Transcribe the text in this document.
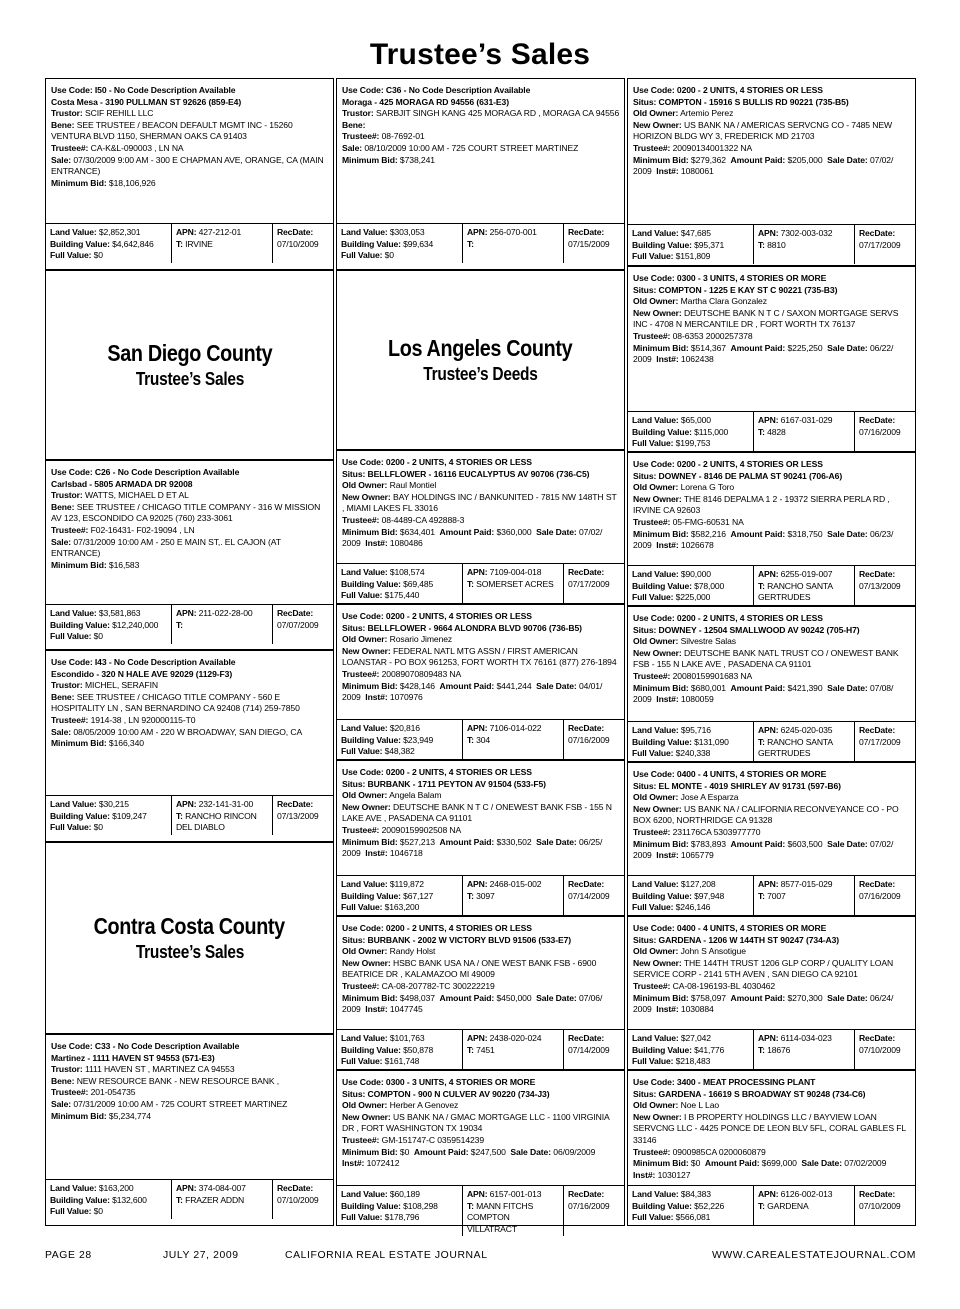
Trustee’s Sales
Use Code: I50 - No Code Description Available
Costa Mesa - 3190 PULLMAN ST 92626 (859-E4)
Trustor: SCIF REHILL LLC
Bene: SEE TRUSTEE / BEACON DEFAULT MGMT INC - 15260 VENTURA BLVD 1150, SHERMAN OAKS CA 91403
Trustee#: CA-K&L-090003 , LN NA
Sale: 07/30/2009 9:00 AM - 300 E CHAPMAN AVE, ORANGE, CA (MAIN ENTRANCE)
Minimum Bid: $18,106,926
Land Value: $2,852,301
Building Value: $4,642,846
Full Value: $0
APN: 427-212-01
T: IRVINE
RecDate:
07/10/2009
San Diego County
Trustee’s Sales
Use Code: C26 - No Code Description Available
Carlsbad - 5805 ARMADA DR 92008
Trustor: WATTS, MICHAEL D ET AL
Bene: SEE TRUSTEE / CHICAGO TITLE COMPANY - 316 W MISSION AV 123, ESCONDIDO CA 92025 (760) 233-3061
Trustee#: F02-16431- F02-19094 , LN
Sale: 07/31/2009 10:00 AM - 250 E MAIN ST,. EL CAJON (AT ENTRANCE)
Minimum Bid: $16,583
Land Value: $3,581,863
Building Value: $12,240,000
Full Value: $0
APN: 211-022-28-00
T:
RecDate:
07/07/2009
Use Code: I43 - No Code Description Available
Escondido - 320 N HALE AVE 92029 (1129-F3)
Trustor: MICHEL, SERAFIN
Bene: SEE TRUSTEE / CHICAGO TITLE COMPANY - 560 E HOSPITALITY LN , SAN BERNARDINO CA 92408 (714) 259-7850
Trustee#: 1914-38 , LN 920000115-T0
Sale: 08/05/2009 10:00 AM - 220 W BROADWAY, SAN DIEGO, CA
Minimum Bid: $166,340
Land Value: $30,215
Building Value: $109,247
Full Value: $0
APN: 232-141-31-00
T: RANCHO RINCON DEL DIABLO
RecDate:
07/13/2009
Contra Costa County
Trustee’s Sales
Use Code: C33 - No Code Description Available
Martinez - 1111 HAVEN ST 94553 (571-E3)
Trustor: 1111 HAVEN ST , MARTINEZ CA 94553
Bene: NEW RESOURCE BANK - NEW RESOURCE BANK ,
Trustee#: 201-054735
Sale: 07/31/2009 10:00 AM - 725 COURT STREET MARTINEZ
Minimum Bid: $5,234,774
Land Value: $163,200
Building Value: $132,600
Full Value: $0
APN: 374-084-007
T: FRAZER ADDN
RecDate:
07/10/2009
Use Code: C36 - No Code Description Available
Moraga - 425 MORAGA RD 94556 (631-E3)
Trustor: SARBJIT SINGH KANG 425 MORAGA RD , MORAGA CA 94556
Bene:
Trustee#: 08-7692-01
Sale: 08/10/2009 10:00 AM - 725 COURT STREET MARTINEZ
Minimum Bid: $738,241
Land Value: $303,053
Building Value: $99,634
Full Value: $0
APN: 256-070-001
T:
RecDate:
07/15/2009
Los Angeles County
Trustee’s Deeds
Use Code: 0200 - 2 UNITS, 4 STORIES OR LESS
Situs: BELLFLOWER - 16116 EUCALYPTUS AV 90706 (736-C5)
Old Owner: Raul Montiel
New Owner: BAY HOLDINGS INC / BANKUNITED - 7815 NW 148TH ST , MIAMI LAKES FL 33016
Trustee#: 08-4489-CA 492888-3
Minimum Bid: $634,401 Amount Paid: $360,000 Sale Date: 07/02/
2009 Inst#: 1080486
Land Value: $108,574
Building Value: $69,485
Full Value: $175,440
APN: 7109-004-018
T: SOMERSET ACRES
RecDate:
07/17/2009
Use Code: 0200 - 2 UNITS, 4 STORIES OR LESS
Situs: BELLFLOWER - 9664 ALONDRA BLVD 90706 (736-B5)
Old Owner: Rosario Jimenez
New Owner: FEDERAL NATL MTG ASSN / FIRST AMERICAN LOANSTAR - PO BOX 961253, FORT WORTH TX 76161 (877) 276-1894
Trustee#: 20089070809483 NA
Minimum Bid: $428,146 Amount Paid: $441,244 Sale Date: 04/01/
2009 Inst#: 1070976
Land Value: $20,816
Building Value: $23,949
Full Value: $48,382
APN: 7106-014-022
T: 304
RecDate:
07/16/2009
Use Code: 0200 - 2 UNITS, 4 STORIES OR LESS
Situs: BURBANK - 1711 PEYTON AV 91504 (533-F5)
Old Owner: Angela Balam
New Owner: DEUTSCHE BANK N T C / ONEWEST BANK FSB - 155 N LAKE AVE , PASADENA CA 91101
Trustee#: 20090159902508 NA
Minimum Bid: $527,213 Amount Paid: $330,502 Sale Date: 06/25/
2009 Inst#: 1046718
Land Value: $119,872
Building Value: $67,127
Full Value: $163,200
APN: 2468-015-002
T: 3097
RecDate:
07/14/2009
Use Code: 0200 - 2 UNITS, 4 STORIES OR LESS
Situs: BURBANK - 2002 W VICTORY BLVD 91506 (533-E7)
Old Owner: Randy Holst
New Owner: HSBC BANK USA NA / ONE WEST BANK FSB - 6900 BEATRICE DR , KALAMAZOO MI 49009
Trustee#: CA-08-207782-TC 300222219
Minimum Bid: $498,037 Amount Paid: $450,000 Sale Date: 07/06/
2009 Inst#: 1047745
Land Value: $101,763
Building Value: $50,878
Full Value: $161,748
APN: 2438-020-024
T: 7451
RecDate:
07/14/2009
Use Code: 0300 - 3 UNITS, 4 STORIES OR MORE
Situs: COMPTON - 900 N CULVER AV 90220 (734-J3)
Old Owner: Herber A Genovez
New Owner: US BANK NA / GMAC MORTGAGE LLC - 1100 VIRGINIA DR , FORT WASHINGTON TX 19034
Trustee#: GM-151747-C 0359514239
Minimum Bid: $0 Amount Paid: $247,500 Sale Date: 06/09/2009
Inst#: 1072412
Land Value: $60,189
Building Value: $108,298
Full Value: $178,796
APN: 6157-001-013
T: MANN FITCHS COMPTON VILLATRACT
RecDate:
07/16/2009
Use Code: 0200 - 2 UNITS, 4 STORIES OR LESS
Situs: COMPTON - 15916 S BULLIS RD 90221 (735-B5)
Old Owner: Artemio Perez
New Owner: US BANK NA / AMERICAS SERVCNG CO - 7485 NEW HORIZON BLDG WY 3, FREDERICK MD 21703
Trustee#: 20090134001322 NA
Minimum Bid: $279,362 Amount Paid: $205,000 Sale Date: 07/02/
2009 Inst#: 1080061
Land Value: $47,685
Building Value: $95,371
Full Value: $151,809
APN: 7302-003-032
T: 8810
RecDate:
07/17/2009
Use Code: 0300 - 3 UNITS, 4 STORIES OR MORE
Situs: COMPTON - 1225 E KAY ST C 90221 (735-B3)
Old Owner: Martha Clara Gonzalez
New Owner: DEUTSCHE BANK N T C / SAXON MORTGAGE SERVS INC - 4708 N MERCANTILE DR , FORT WORTH TX 76137
Trustee#: 08-6353 2000257378
Minimum Bid: $514,367 Amount Paid: $225,250 Sale Date: 06/22/
2009 Inst#: 1062438
Land Value: $65,000
Building Value: $115,000
Full Value: $199,753
APN: 6167-031-029
T: 4828
RecDate:
07/16/2009
Use Code: 0200 - 2 UNITS, 4 STORIES OR LESS
Situs: DOWNEY - 8146 DE PALMA ST 90241 (706-A6)
Old Owner: Lorena G Toro
New Owner: THE 8146 DEPALMA 1 2 - 19372 SIERRA PERLA RD , IRVINE CA 92603
Trustee#: 05-FMG-60531 NA
Minimum Bid: $582,216 Amount Paid: $318,750 Sale Date: 06/23/
2009 Inst#: 1026678
Land Value: $90,000
Building Value: $78,000
Full Value: $225,000
APN: 6255-019-007
T: RANCHO SANTA GERTRUDES
RecDate:
07/13/2009
Use Code: 0200 - 2 UNITS, 4 STORIES OR LESS
Situs: DOWNEY - 12504 SMALLWOOD AV 90242 (705-H7)
Old Owner: Silvestre Salas
New Owner: DEUTSCHE BANK NATL TRUST CO / ONEWEST BANK FSB - 155 N LAKE AVE , PASADENA CA 91101
Trustee#: 20080159901683 NA
Minimum Bid: $680,001 Amount Paid: $421,390 Sale Date: 07/08/
2009 Inst#: 1080059
Land Value: $95,716
Building Value: $131,090
Full Value: $240,338
APN: 6245-020-035
T: RANCHO SANTA GERTRUDES
RecDate:
07/17/2009
Use Code: 0400 - 4 UNITS, 4 STORIES OR MORE
Situs: EL MONTE - 4019 SHIRLEY AV 91731 (597-B6)
Old Owner: Jose A Esparza
New Owner: US BANK NA / CALIFORNIA RECONVEYANCE CO - PO BOX 6200, NORTHRIDGE CA 91328
Trustee#: 231176CA 5303977770
Minimum Bid: $783,893 Amount Paid: $603,500 Sale Date: 07/02/
2009 Inst#: 1065779
Land Value: $127,208
Building Value: $97,948
Full Value: $246,146
APN: 8577-015-029
T: 7007
RecDate:
07/16/2009
Use Code: 0400 - 4 UNITS, 4 STORIES OR MORE
Situs: GARDENA - 1206 W 144TH ST 90247 (734-A3)
Old Owner: John S Ansotigue
New Owner: THE 144TH TRUST 1206 GLP CORP / QUALITY LOAN SERVICE CORP - 2141 5TH AVEN , SAN DIEGO CA 92101
Trustee#: CA-08-196193-BL 4030462
Minimum Bid: $758,097 Amount Paid: $270,300 Sale Date: 06/24/
2009 Inst#: 1030884
Land Value: $27,042
Building Value: $41,776
Full Value: $218,483
APN: 6114-034-023
T: 18676
RecDate:
07/10/2009
Use Code: 3400 - MEAT PROCESSING PLANT
Situs: GARDENA - 16619 S BROADWAY ST 90248 (734-C6)
Old Owner: Noe L Lao
New Owner: I B PROPERTY HOLDINGS LLC / BAYVIEW LOAN SERVCNG LLC - 4425 PONCE DE LEON BLV 5FL, CORAL GABLES FL 33146
Trustee#: 0900985CA 0200060879
Minimum Bid: $0 Amount Paid: $699,000 Sale Date: 07/02/2009
Inst#: 1030127
Land Value: $84,383
Building Value: $52,226
Full Value: $566,081
APN: 6126-002-013
T: GARDENA
RecDate:
07/10/2009
PAGE 28	JULY 27, 2009	CALIFORNIA REAL ESTATE JOURNAL	WWW.CAREALESTATEJOURNAL.COM
